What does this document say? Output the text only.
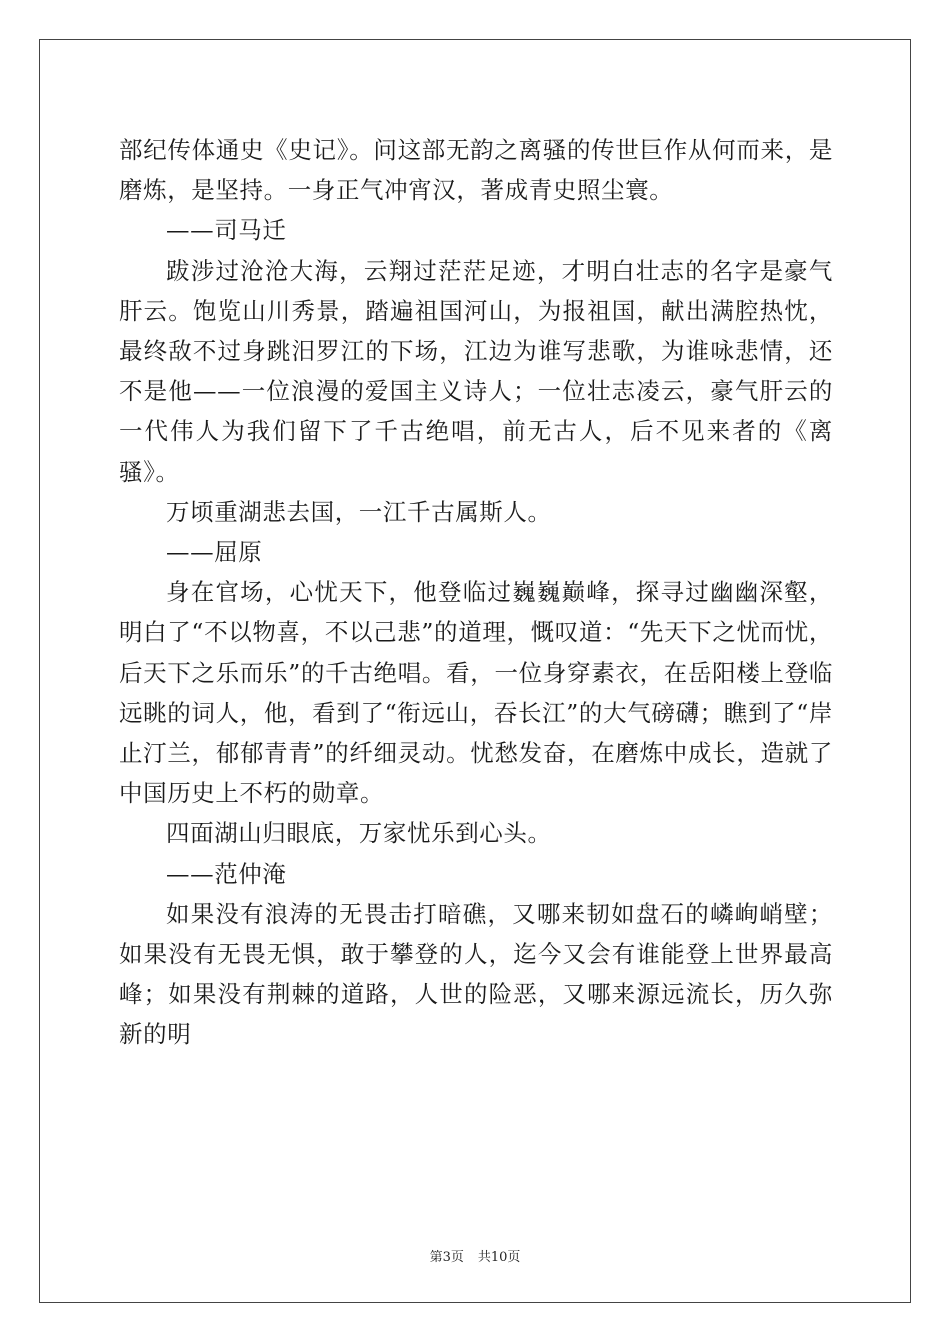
部纪传体通史《史记》。问这部无韵之离骚的传世巨作从何而来，是磨炼，是坚持。一身正气冲宵汉，著成青史照尘寰。

——司马迁

跋涉过沧沧大海，云翔过茫茫足迹，才明白壮志的名字是豪气肝云。饱览山川秀景，踏遍祖国河山，为报祖国，献出满腔热忱，最终敌不过身跳汨罗江的下场，江边为谁写悲歌，为谁咏悲情，还不是他——一位浪漫的爱国主义诗人；一位壮志凌云，豪气肝云的一代伟人为我们留下了千古绝唱，前无古人，后不见来者的《离骚》。

万顷重湖悲去国，一江千古属斯人。

——屈原

身在官场，心忧天下，他登临过巍巍巅峰，探寻过幽幽深壑，明白了“不以物喜，不以己悲”的道理，慨叹道：“先天下之忧而忧，后天下之乐而乐”的千古绝唱。看，一位身穿素衣，在岳阳楼上登临远眺的词人，他，看到了“衔远山，吞长江”的大气磅礴；瞧到了“岸止汀兰，郁郁青青”的纤细灵动。忧愁发奋，在磨炼中成长，造就了中国历史上不朽的勋章。

四面湖山归眼底，万家忧乐到心头。

——范仲淹

如果没有浪涛的无畏击打暗礁，又哪来韧如盘石的嶙峋峭壁；如果没有无畏无惧，敢于攀登的人，迄今又会有谁能登上世界最高峰；如果没有荆棘的道路，人世的险恶，又哪来源远流长，历久弥新的明

第3页 共10页
